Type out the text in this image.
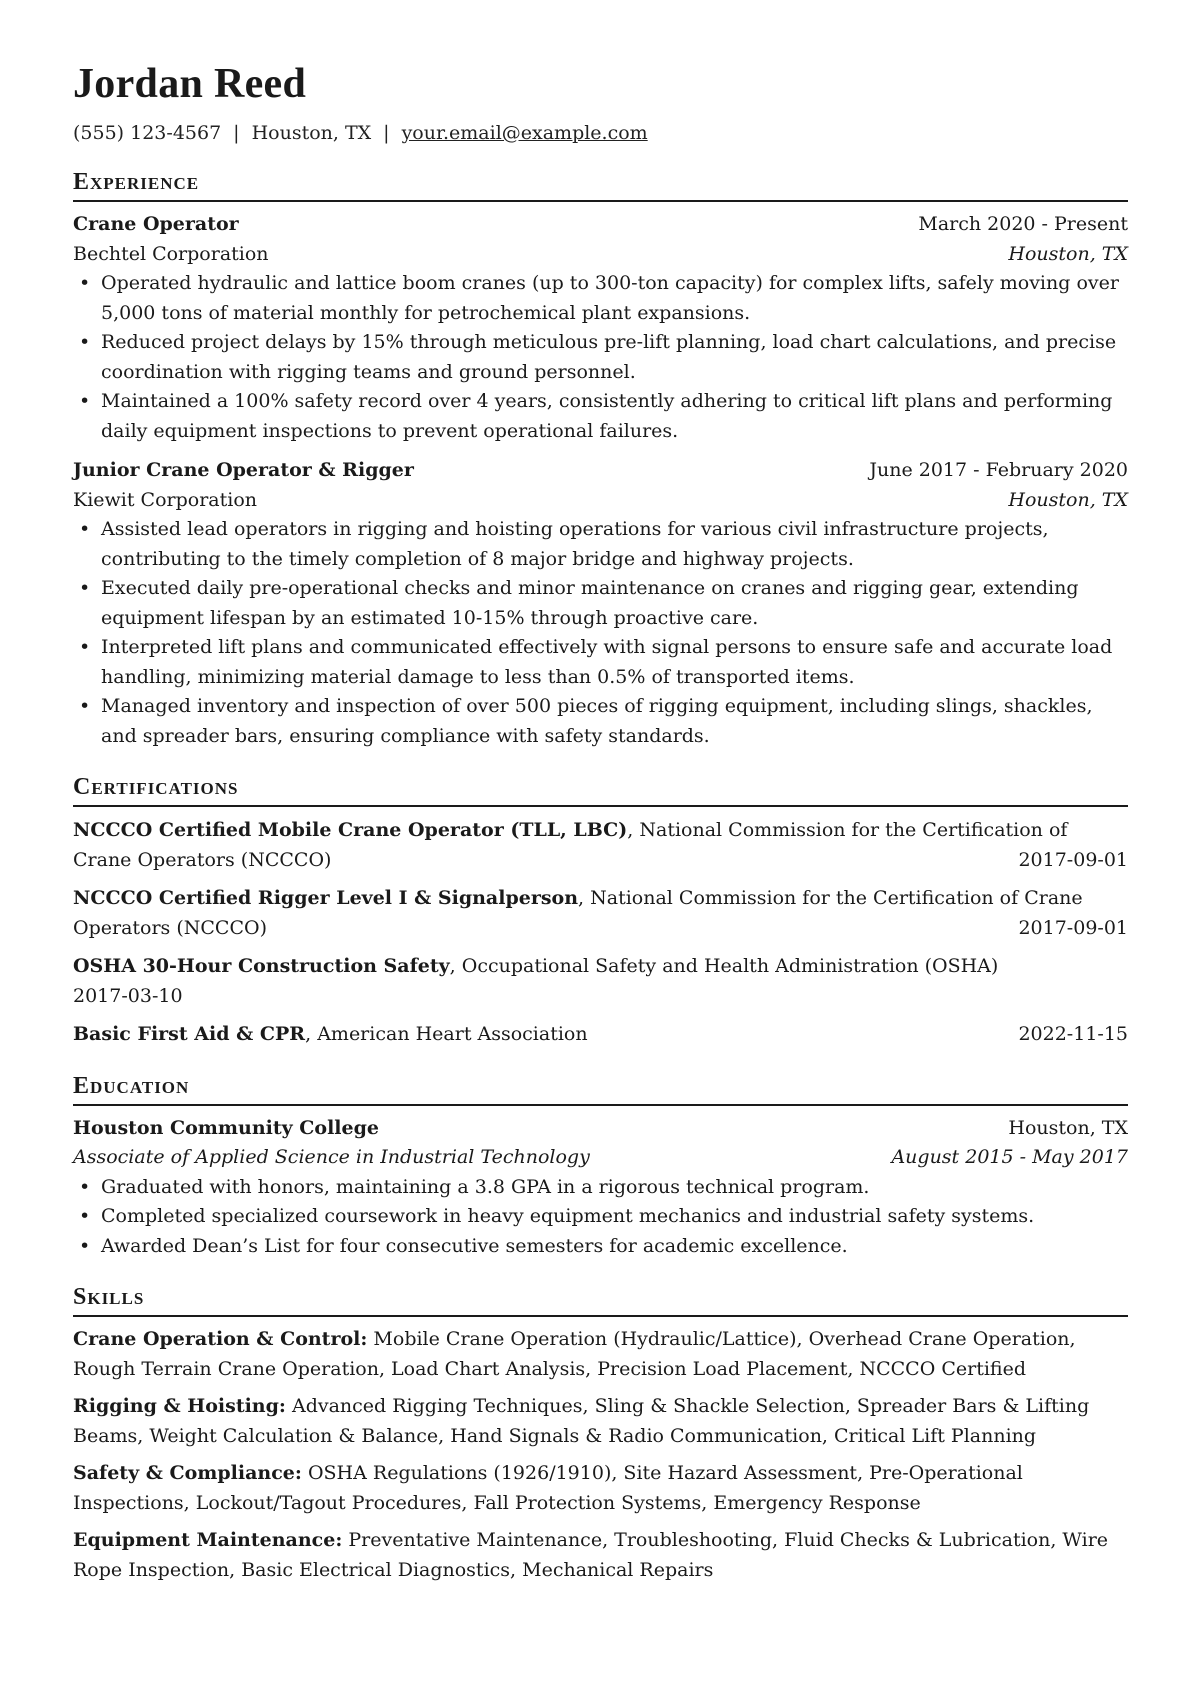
Jordan Reed
(555) 123-4567 | Houston, TX | your.email@example.com
Experience
Crane Operator	March 2020 - Present
Bechtel Corporation	Houston, TX
• Operated hydraulic and lattice boom cranes (up to 300-ton capacity) for complex lifts, safely moving over 5,000 tons of material monthly for petrochemical plant expansions.
• Reduced project delays by 15% through meticulous pre-lift planning, load chart calculations, and precise coordination with rigging teams and ground personnel.
• Maintained a 100% safety record over 4 years, consistently adhering to critical lift plans and performing daily equipment inspections to prevent operational failures.
Junior Crane Operator & Rigger	June 2017 - February 2020
Kiewit Corporation	Houston, TX
• Assisted lead operators in rigging and hoisting operations for various civil infrastructure projects, contributing to the timely completion of 8 major bridge and highway projects.
• Executed daily pre-operational checks and minor maintenance on cranes and rigging gear, extending equipment lifespan by an estimated 10-15% through proactive care.
• Interpreted lift plans and communicated effectively with signal persons to ensure safe and accurate load handling, minimizing material damage to less than 0.5% of transported items.
• Managed inventory and inspection of over 500 pieces of rigging equipment, including slings, shackles, and spreader bars, ensuring compliance with safety standards.
Certifications
NCCCO Certified Mobile Crane Operator (TLL, LBC), National Commission for the Certification of Crane Operators (NCCCO)	2017-09-01
NCCCO Certified Rigger Level I & Signalperson, National Commission for the Certification of Crane Operators (NCCCO)	2017-09-01
OSHA 30-Hour Construction Safety, Occupational Safety and Health Administration (OSHA)
2017-03-10
Basic First Aid & CPR, American Heart Association	2022-11-15
Education
Houston Community College	Houston, TX
Associate of Applied Science in Industrial Technology	August 2015 - May 2017
• Graduated with honors, maintaining a 3.8 GPA in a rigorous technical program.
• Completed specialized coursework in heavy equipment mechanics and industrial safety systems.
• Awarded Dean’s List for four consecutive semesters for academic excellence.
Skills
Crane Operation & Control: Mobile Crane Operation (Hydraulic/Lattice), Overhead Crane Operation, Rough Terrain Crane Operation, Load Chart Analysis, Precision Load Placement, NCCCO Certified
Rigging & Hoisting: Advanced Rigging Techniques, Sling & Shackle Selection, Spreader Bars & Lifting Beams, Weight Calculation & Balance, Hand Signals & Radio Communication, Critical Lift Planning
Safety & Compliance: OSHA Regulations (1926/1910), Site Hazard Assessment, Pre-Operational Inspections, Lockout/Tagout Procedures, Fall Protection Systems, Emergency Response
Equipment Maintenance: Preventative Maintenance, Troubleshooting, Fluid Checks & Lubrication, Wire Rope Inspection, Basic Electrical Diagnostics, Mechanical Repairs
